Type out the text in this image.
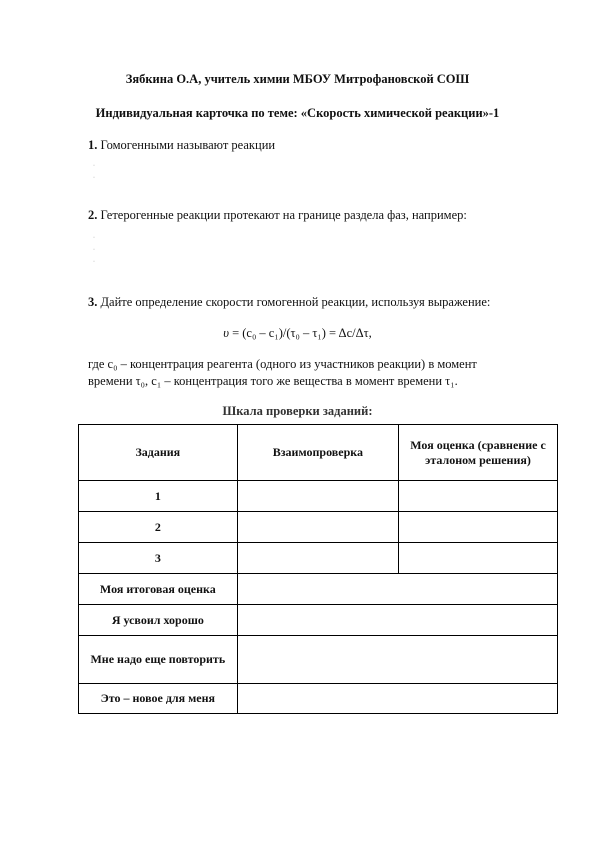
Зябкина О.А, учитель химии МБОУ Митрофановской СОШ
Индивидуальная карточка по теме: «Скорость химической реакции»-1
1. Гомогенными называют реакции
·
·
2. Гетерогенные реакции протекают на границе раздела фаз, например:
·
·
·
3. Дайте определение скорости гомогенной реакции, используя выражение:
υ = (c₀ – c₁)/(τ₀ – τ₁) = Δc/Δτ,
где c₀ – концентрация реагента (одного из участников реакции) в момент
времени τ₀, c₁ – концентрация того же вещества в момент времени τ₁.
Шкала проверки заданий:
Задания	Взаимопроверка	Моя оценка (сравнение с эталоном решения)
1		
2		
3		
Моя итоговая оценка		
Я усвоил хорошо		
Мне надо еще повторить		
Это – новое для меня		
